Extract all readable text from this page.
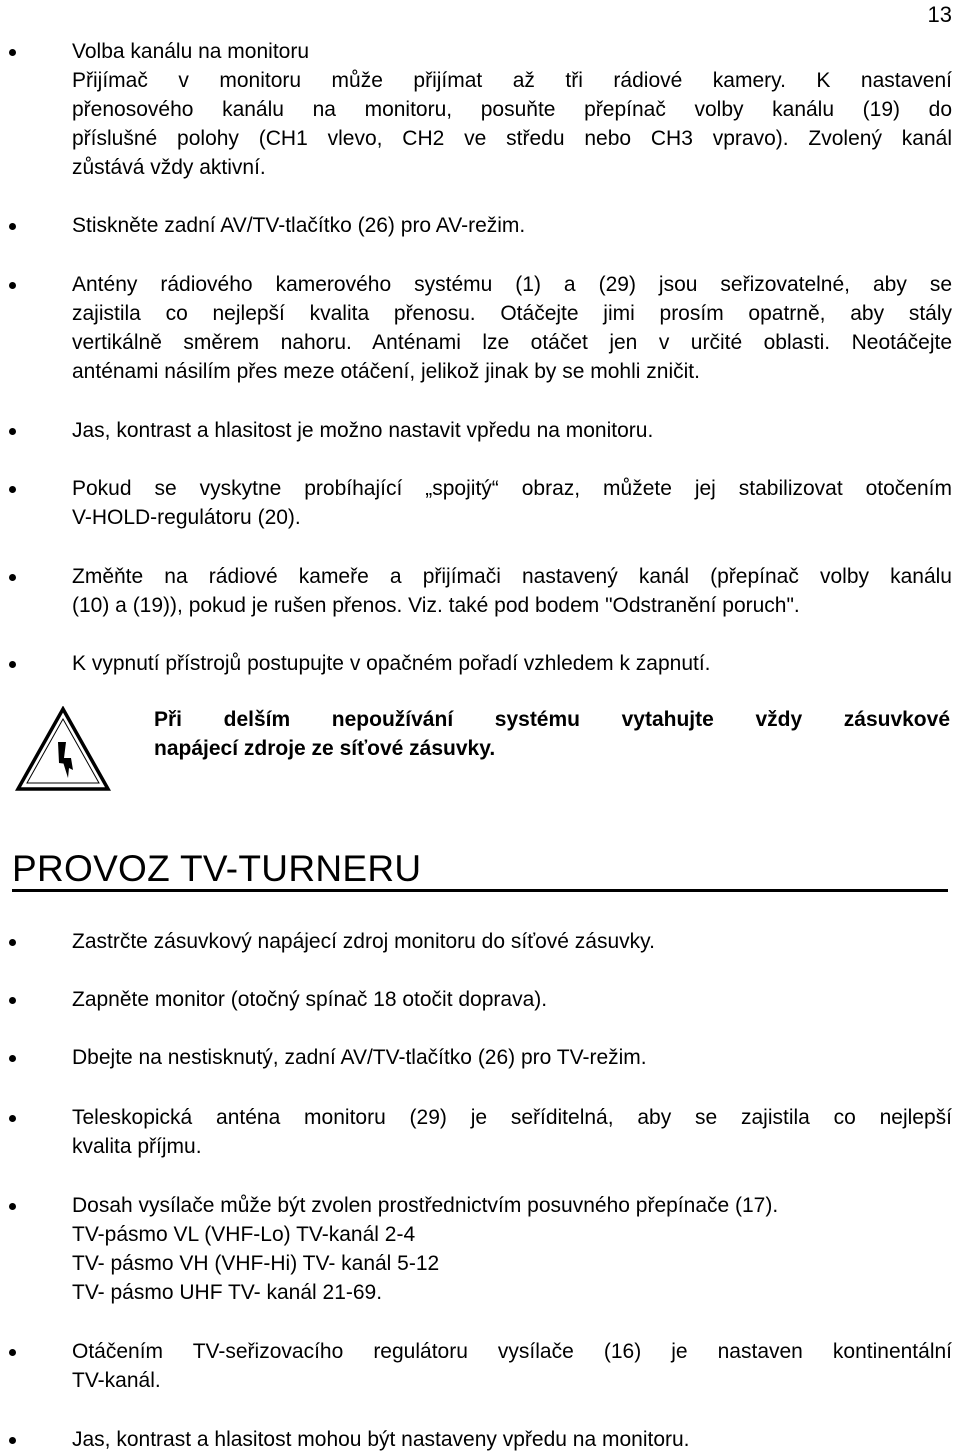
13
Volba kanálu na monitoru
Přijímač v monitoru může přijímat až tři rádiové kamery. K nastavení
přenosového kanálu na monitoru, posuňte přepínač volby kanálu (19) do
příslušné polohy (CH1 vlevo, CH2 ve středu nebo CH3 vpravo). Zvolený kanál
zůstává vždy aktivní.
Stiskněte zadní AV/TV-tlačítko (26) pro AV-režim.
Antény rádiového kamerového systému (1) a (29) jsou seřizovatelné, aby se
zajistila co nejlepší kvalita přenosu. Otáčejte jimi prosím opatrně, aby stály
vertikálně směrem nahoru. Anténami lze otáčet jen v určité oblasti. Neotáčejte
anténami násilím přes meze otáčení, jelikož jinak by se mohli zničit.
Jas, kontrast a hlasitost je možno nastavit vpředu na monitoru.
Pokud se vyskytne probíhající „spojitý“ obraz, můžete jej stabilizovat otočením
V-HOLD-regulátoru (20).
Změňte na rádiové kameře a přijímači nastavený kanál (přepínač volby kanálu
(10) a (19)), pokud je rušen přenos. Viz. také pod bodem "Odstranění poruch".
K vypnutí přístrojů postupujte v opačném pořadí vzhledem k zapnutí.
Při delším nepoužívání systému vytahujte vždy zásuvkové
napájecí zdroje ze síťové zásuvky.
PROVOZ TV-TURNERU
Zastrčte zásuvkový napájecí zdroj monitoru do síťové zásuvky.
Zapněte monitor (otočný spínač 18 otočit doprava).
Dbejte na nestisknutý, zadní AV/TV-tlačítko (26) pro TV-režim.
Teleskopická anténa monitoru (29) je seříditelná, aby se zajistila co nejlepší
kvalita příjmu.
Dosah vysílače může být zvolen prostřednictvím posuvného přepínače (17).
TV-pásmo VL (VHF-Lo) TV-kanál 2-4
TV- pásmo VH (VHF-Hi) TV- kanál 5-12
TV- pásmo UHF TV- kanál 21-69.
Otáčením TV-seřizovacího regulátoru vysílače (16) je nastaven kontinentální
TV-kanál.
Jas, kontrast a hlasitost mohou být nastaveny vpředu na monitoru.
